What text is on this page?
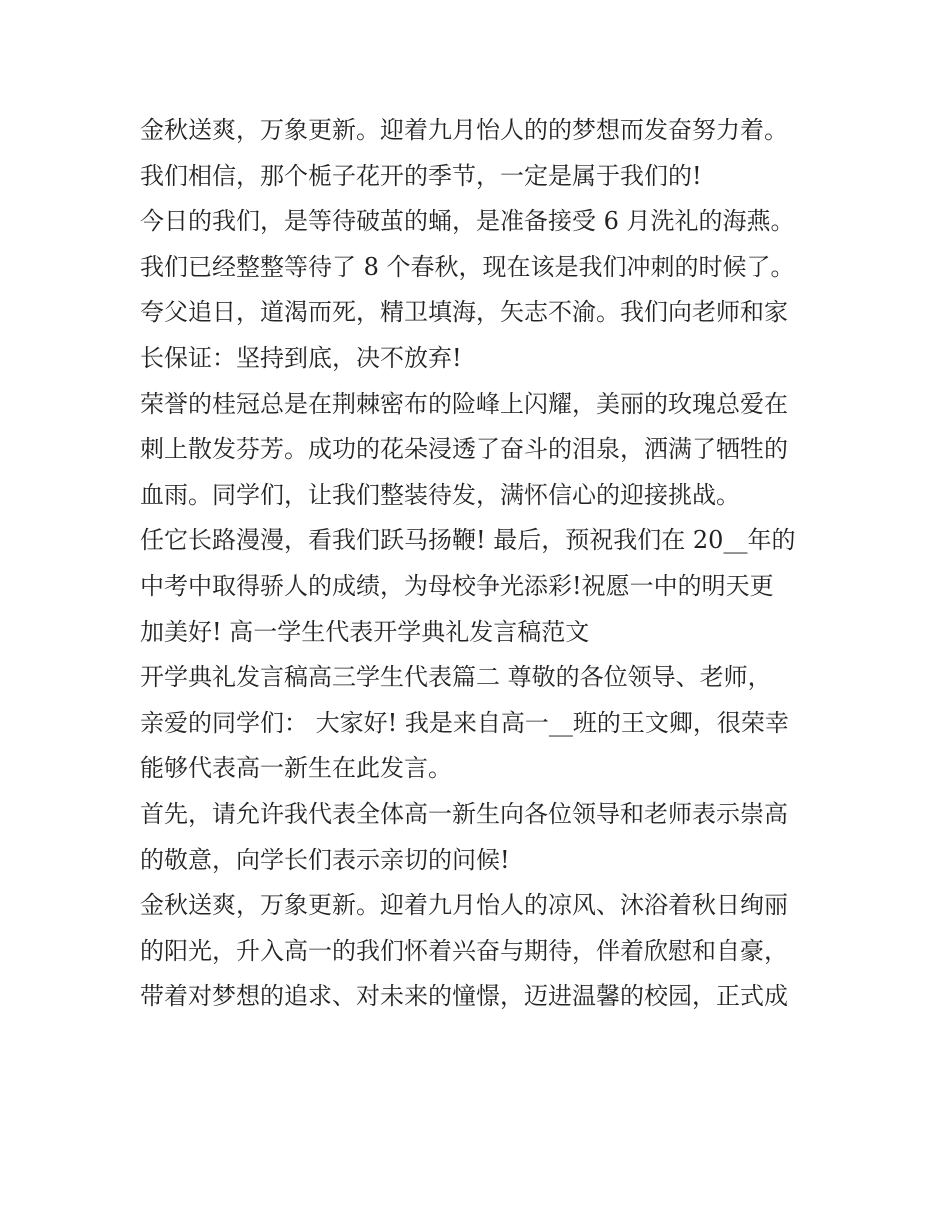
金秋送爽，万象更新。迎着九月怡人的的梦想而发奋努力着。
我们相信，那个栀子花开的季节，一定是属于我们的!
今日的我们，是等待破茧的蛹，是准备接受 6 月洗礼的海燕。
我们已经整整等待了 8 个春秋，现在该是我们冲刺的时候了。
夸父追日，道渴而死，精卫填海，矢志不渝。我们向老师和家
长保证：坚持到底，决不放弃!
荣誉的桂冠总是在荆棘密布的险峰上闪耀，美丽的玫瑰总爱在
刺上散发芬芳。成功的花朵浸透了奋斗的泪泉，洒满了牺牲的
血雨。同学们，让我们整装待发，满怀信心的迎接挑战。
任它长路漫漫，看我们跃马扬鞭! 最后，预祝我们在 20__年的
中考中取得骄人的成绩，为母校争光添彩!祝愿一中的明天更
加美好! 高一学生代表开学典礼发言稿范文
开学典礼发言稿高三学生代表篇二 尊敬的各位领导、老师，
亲爱的同学们： 大家好! 我是来自高一__班的王文卿，很荣幸
能够代表高一新生在此发言。
首先，请允许我代表全体高一新生向各位领导和老师表示崇高
的敬意，向学长们表示亲切的问候!
金秋送爽，万象更新。迎着九月怡人的凉风、沐浴着秋日绚丽
的阳光，升入高一的我们怀着兴奋与期待，伴着欣慰和自豪，
带着对梦想的追求、对未来的憧憬，迈进温馨的校园，正式成
